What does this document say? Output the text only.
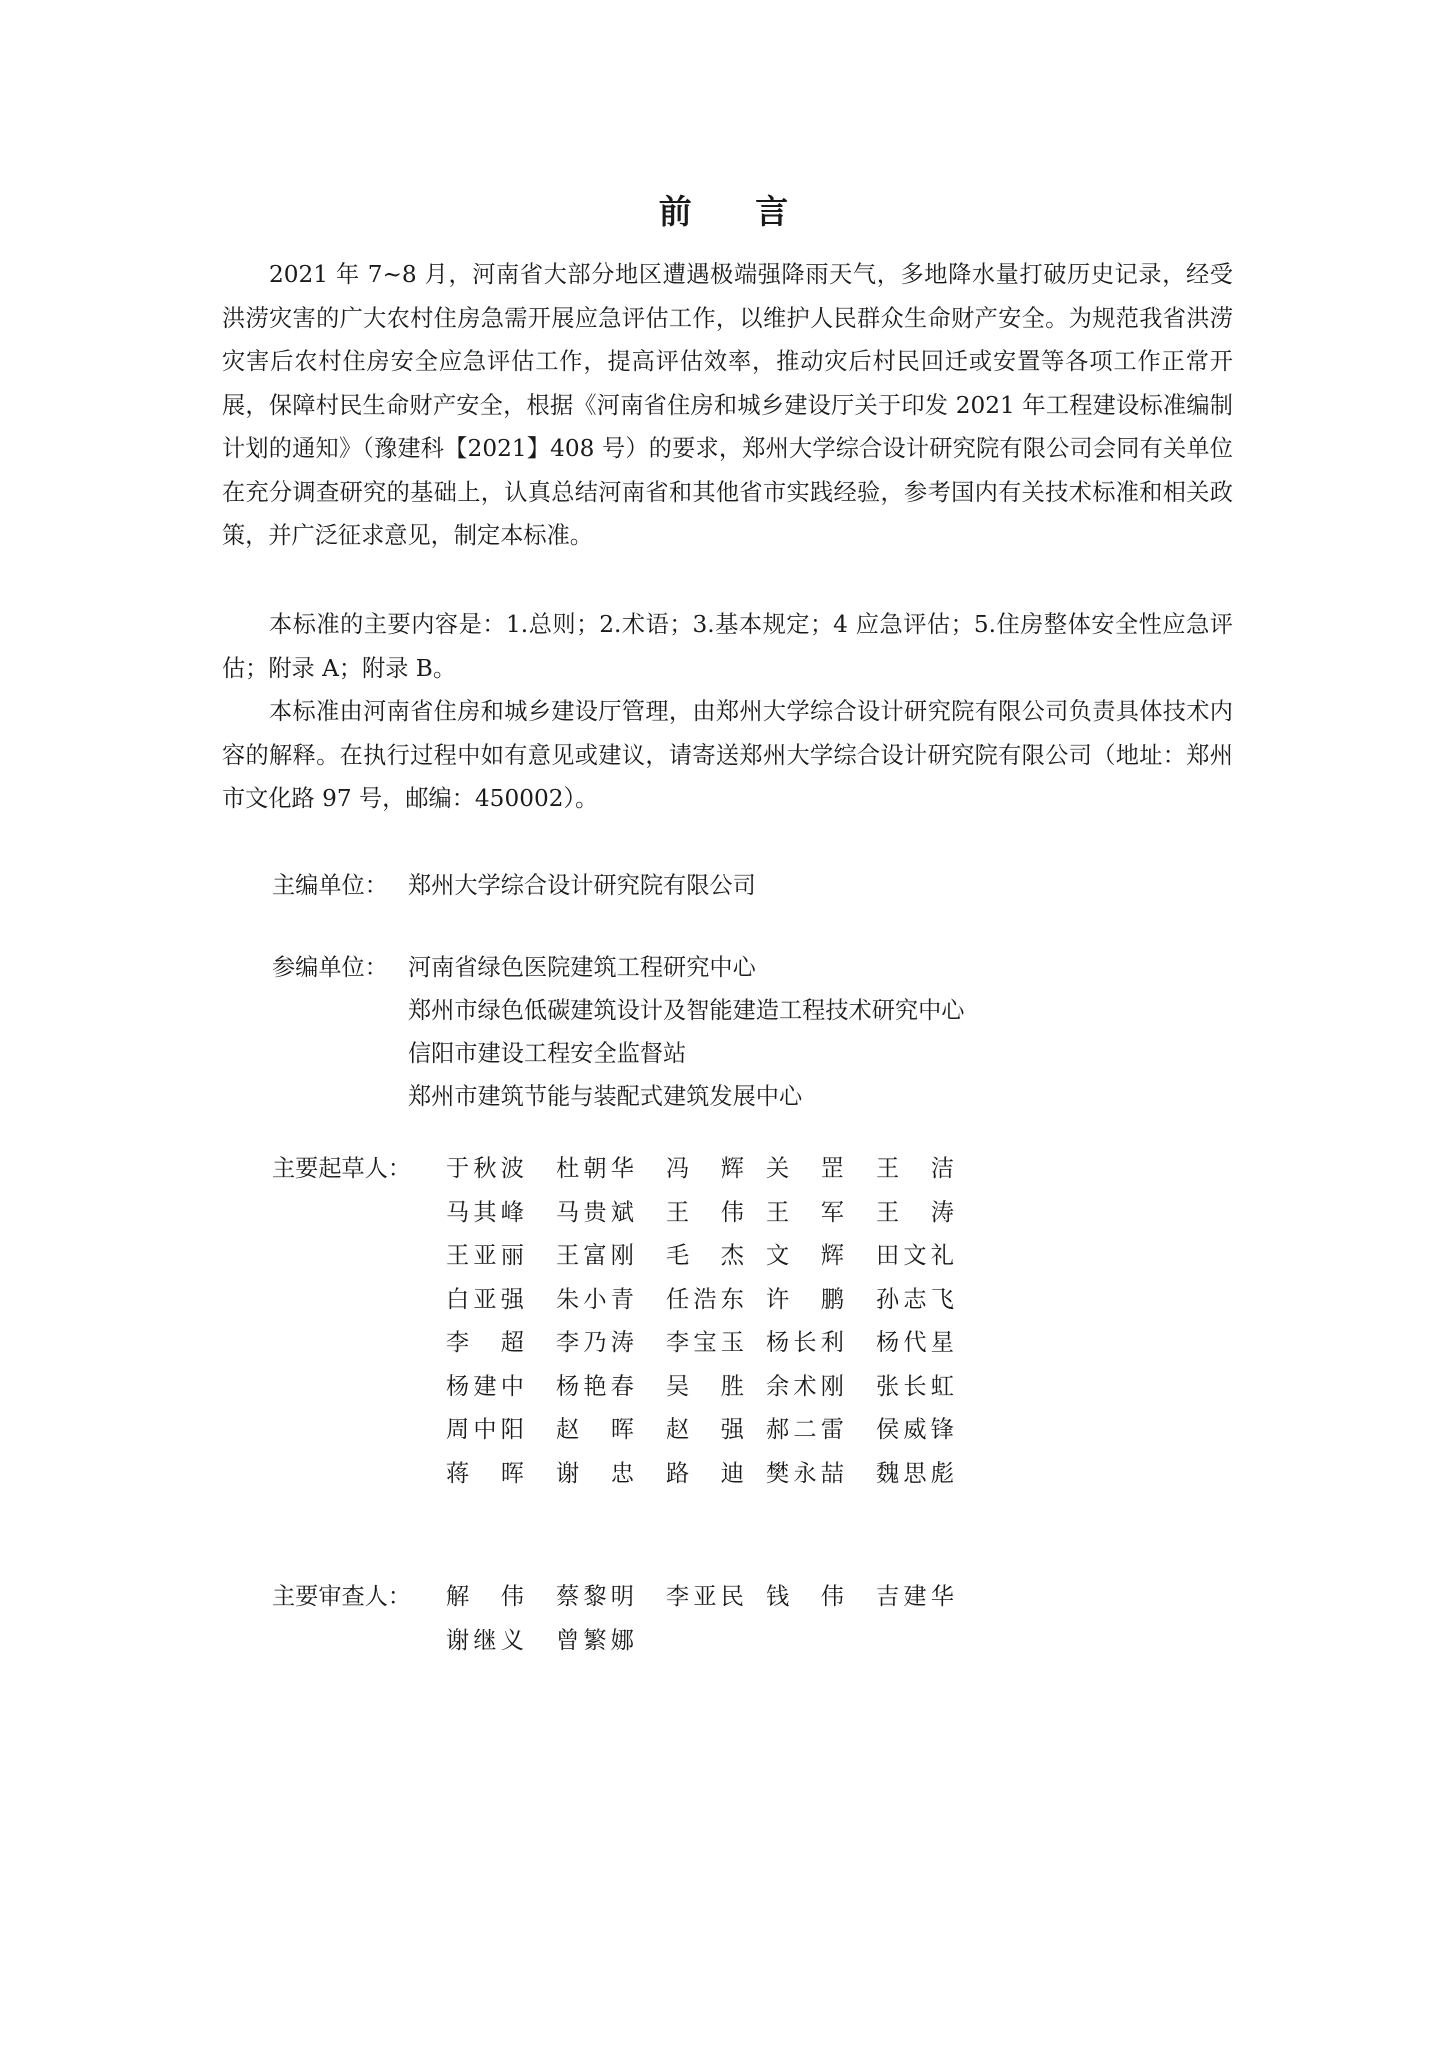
前 言

2021 年 7~8 月，河南省大部分地区遭遇极端强降雨天气，多地降水量打破历史记录，经受洪涝灾害的广大农村住房急需开展应急评估工作，以维护人民群众生命财产安全。为规范我省洪涝灾害后农村住房安全应急评估工作，提高评估效率，推动灾后村民回迁或安置等各项工作正常开展，保障村民生命财产安全，根据《河南省住房和城乡建设厅关于印发 2021 年工程建设标准编制计划的通知》（豫建科【2021】408 号）的要求，郑州大学综合设计研究院有限公司会同有关单位在充分调查研究的基础上，认真总结河南省和其他省市实践经验，参考国内有关技术标准和相关政策，并广泛征求意见，制定本标准。

本标准的主要内容是：1.总则；2.术语；3.基本规定；4 应急评估；5.住房整体安全性应急评估；附录 A；附录 B。

本标准由河南省住房和城乡建设厅管理，由郑州大学综合设计研究院有限公司负责具体技术内容的解释。在执行过程中如有意见或建议，请寄送郑州大学综合设计研究院有限公司（地址：郑州市文化路 97 号，邮编：450002）。

主编单位： 郑州大学综合设计研究院有限公司
参编单位： 河南省绿色医院建筑工程研究中心
郑州市绿色低碳建筑设计及智能建造工程技术研究中心
信阳市建设工程安全监督站
郑州市建筑节能与装配式建筑发展中心
主要起草人： 于秋波 杜朝华 冯 辉 关 罡 王 洁
马其峰 马贵斌 王 伟 王 军 王 涛
王亚丽 王富刚 毛 杰 文 辉 田文礼
白亚强 朱小青 任浩东 许 鹏 孙志飞
李 超 李乃涛 李宝玉 杨长利 杨代星
杨建中 杨艳春 吴 胜 余术刚 张长虹
周中阳 赵 晖 赵 强 郝二雷 侯威锋
蒋 晖 谢 忠 路 迪 樊永喆 魏思彪
主要审查人： 解 伟 蔡黎明 李亚民 钱 伟 吉建华
谢继义 曾繁娜
